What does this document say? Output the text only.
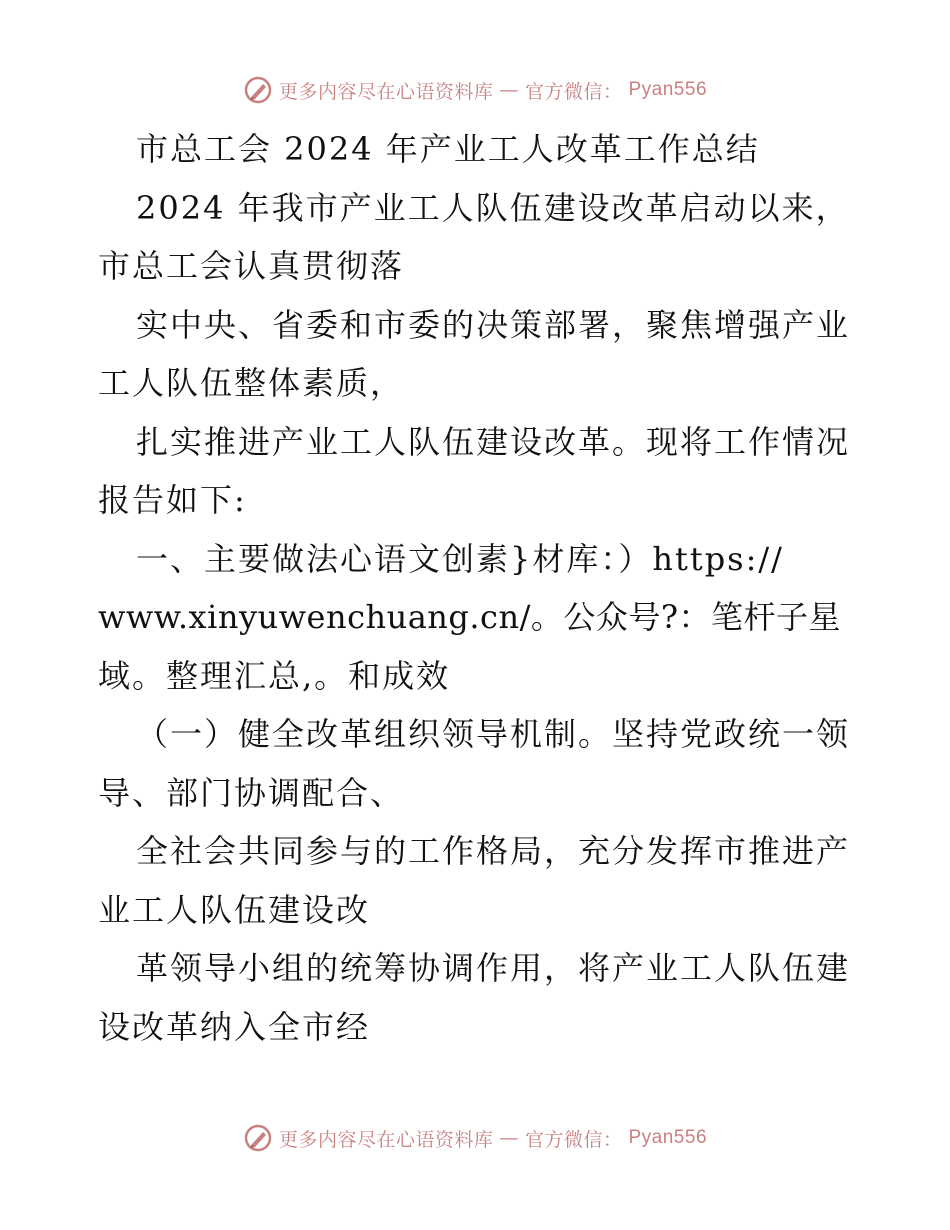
更多内容尽在心语资料库 — 官方微信： Pyan556
市总工会 2024 年产业工人改革工作总结
2024 年我市产业工人队伍建设改革启动以来，
市总工会认真贯彻落
实中央、省委和市委的决策部署，聚焦增强产业
工人队伍整体素质，
扎实推进产业工人队伍建设改革。现将工作情况
报告如下:
一、主要做法心语文创素}材库：）https://
www.xinyuwenchuang.cn/。公众号?：笔杆子星
域。整理汇总,。和成效
（一）健全改革组织领导机制。坚持党政统一领
导、部门协调配合、
全社会共同参与的工作格局，充分发挥市推进产
业工人队伍建设改
革领导小组的统筹协调作用，将产业工人队伍建
设改革纳入全市经
更多内容尽在心语资料库 — 官方微信： Pyan556
